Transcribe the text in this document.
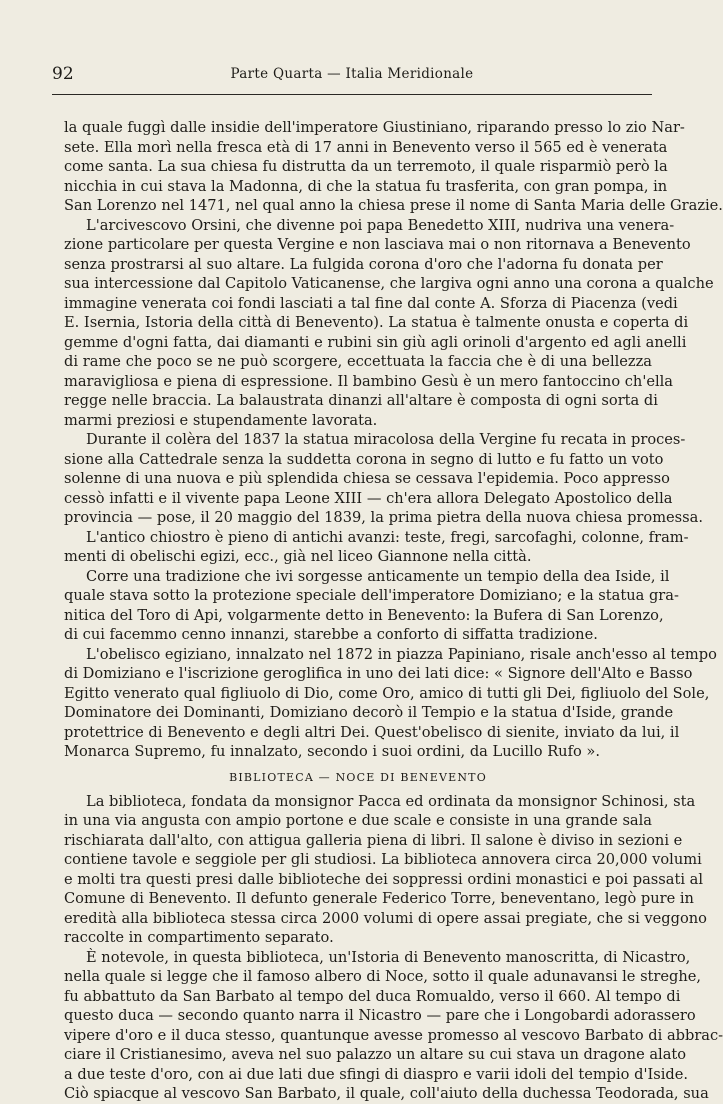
92	Parte Quarta — Italia Meridionale
la quale fuggì dalle insidie dell'imperatore Giustiniano, riparando presso lo zio Nar-
sete. Ella morì nella fresca età di 17 anni in Benevento verso il 565 ed è venerata
come santa. La sua chiesa fu distrutta da un terremoto, il quale risparmiò però la
nicchia in cui stava la Madonna, di che la statua fu trasferita, con gran pompa, in
San Lorenzo nel 1471, nel qual anno la chiesa prese il nome di Santa Maria delle Grazie.
L'arcivescovo Orsini, che divenne poi papa Benedetto XIII, nudriva una venera-
zione particolare per questa Vergine e non lasciava mai o non ritornava a Benevento
senza prostrarsi al suo altare. La fulgida corona d'oro che l'adorna fu donata per
sua intercessione dal Capitolo Vaticanense, che largiva ogni anno una corona a qualche
immagine venerata coi fondi lasciati a tal fine dal conte A. Sforza di Piacenza (vedi
E. Isernia, Istoria della città di Benevento). La statua è talmente onusta e coperta di
gemme d'ogni fatta, dai diamanti e rubini sin giù agli orinoli d'argento ed agli anelli
di rame che poco se ne può scorgere, eccettuata la faccia che è di una bellezza
maravigliosa e piena di espressione. Il bambino Gesù è un mero fantoccino ch'ella
regge nelle braccia. La balaustrata dinanzi all'altare è composta di ogni sorta di
marmi preziosi e stupendamente lavorata.
Durante il colèra del 1837 la statua miracolosa della Vergine fu recata in proces-
sione alla Cattedrale senza la suddetta corona in segno di lutto e fu fatto un voto
solenne di una nuova e più splendida chiesa se cessava l'epidemia. Poco appresso
cessò infatti e il vivente papa Leone XIII — ch'era allora Delegato Apostolico della
provincia — pose, il 20 maggio del 1839, la prima pietra della nuova chiesa promessa.
L'antico chiostro è pieno di antichi avanzi: teste, fregi, sarcofaghi, colonne, fram-
menti di obelischi egizi, ecc., già nel liceo Giannone nella città.
Corre una tradizione che ivi sorgesse anticamente un tempio della dea Iside, il
quale stava sotto la protezione speciale dell'imperatore Domiziano; e la statua gra-
nitica del Toro di Api, volgarmente detto in Benevento: la Bufera di San Lorenzo,
di cui facemmo cenno innanzi, starebbe a conforto di siffatta tradizione.
L'obelisco egiziano, innalzato nel 1872 in piazza Papiniano, risale anch'esso al tempo
di Domiziano e l'iscrizione geroglifica in uno dei lati dice: « Signore dell'Alto e Basso
Egitto venerato qual figliuolo di Dio, come Oro, amico di tutti gli Dei, figliuolo del Sole,
Dominatore dei Dominanti, Domiziano decorò il Tempio e la statua d'Iside, grande
protettrice di Benevento e degli altri Dei. Quest'obelisco di sienite, inviato da lui, il
Monarca Supremo, fu innalzato, secondo i suoi ordini, da Lucillo Rufo ».
BIBLIOTECA — NOCE DI BENEVENTO
La biblioteca, fondata da monsignor Pacca ed ordinata da monsignor Schinosi, sta
in una via angusta con ampio portone e due scale e consiste in una grande sala
rischiarata dall'alto, con attigua galleria piena di libri. Il salone è diviso in sezioni e
contiene tavole e seggiole per gli studiosi. La biblioteca annovera circa 20,000 volumi
e molti tra questi presi dalle biblioteche dei soppressi ordini monastici e poi passati al
Comune di Benevento. Il defunto generale Federico Torre, beneventano, legò pure in
eredità alla biblioteca stessa circa 2000 volumi di opere assai pregiate, che si veggono
raccolte in compartimento separato.
È notevole, in questa biblioteca, un'Istoria di Benevento manoscritta, di Nicastro,
nella quale si legge che il famoso albero di Noce, sotto il quale adunavansi le streghe,
fu abbattuto da San Barbato al tempo del duca Romualdo, verso il 660. Al tempo di
questo duca — secondo quanto narra il Nicastro — pare che i Longobardi adorassero
vipere d'oro e il duca stesso, quantunque avesse promesso al vescovo Barbato di abbrac-
ciare il Cristianesimo, aveva nel suo palazzo un altare su cui stava un dragone alato
a due teste d'oro, con ai due lati due sfingi di diaspro e varii idoli del tempio d'Iside.
Ciò spiacque al vescovo San Barbato, il quale, coll'aiuto della duchessa Teodorada, sua
